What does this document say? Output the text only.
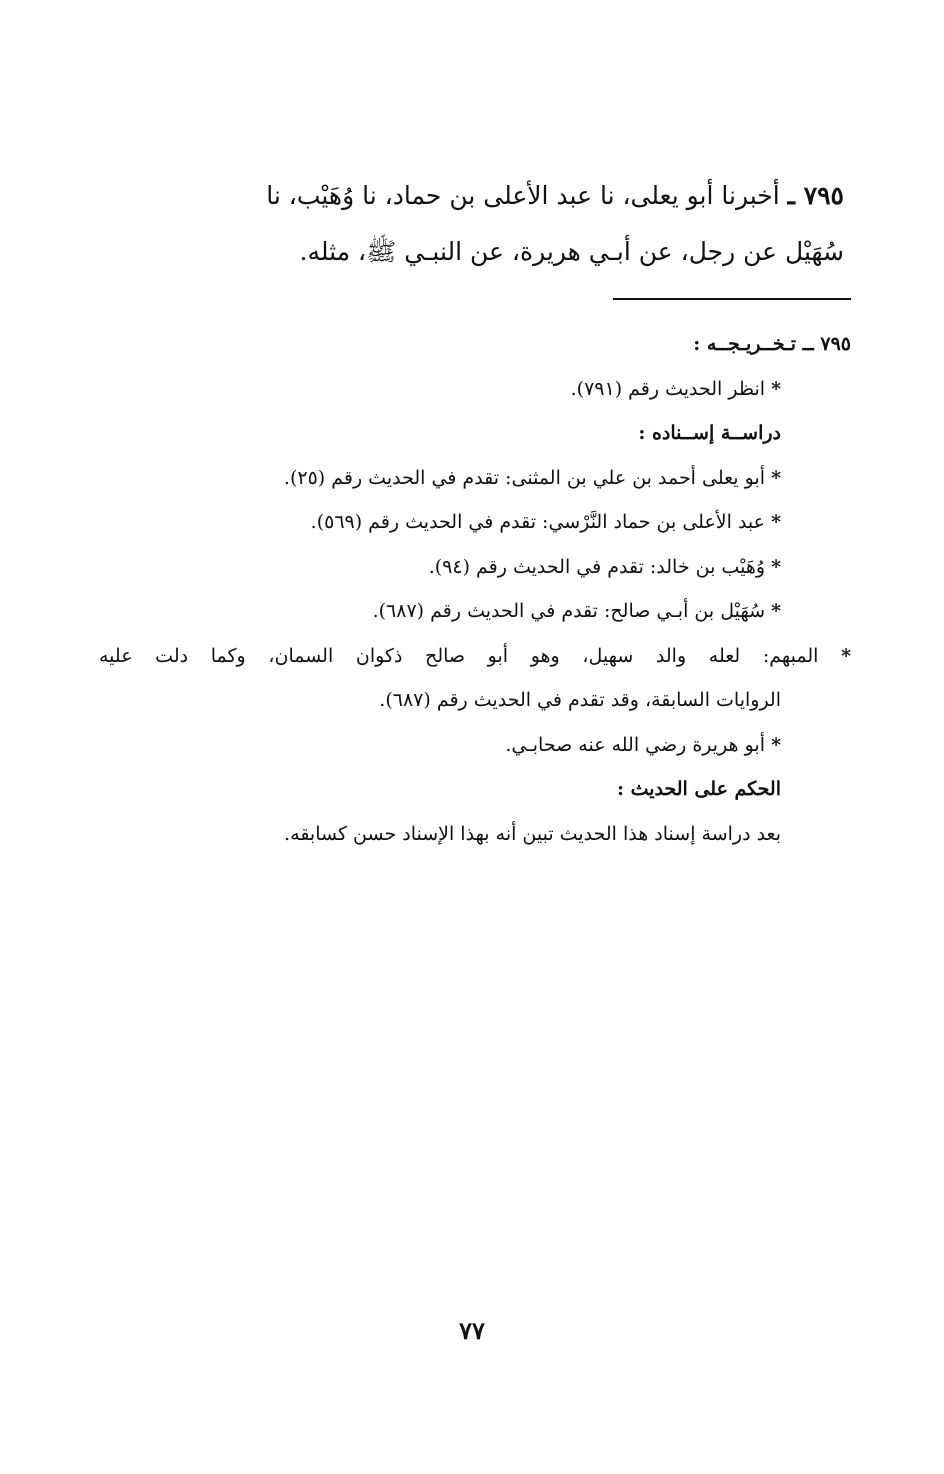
٧٩٥ ـ أخبرنا أبو يعلى، نا عبد الأعلى بن حماد، نا وُهَيْب، نا

سُهَيْل عن رجل، عن أبـي هريرة، عن النبـي ﷺ، مثله.

٧٩٥ ــ تـخــريـجــه :
* انظر الحديث رقم (٧٩١).
دراســة إســناده :
* أبو يعلى أحمد بن علي بن المثنى: تقدم في الحديث رقم (٢٥).
* عبد الأعلى بن حماد النَّرْسي: تقدم في الحديث رقم (٥٦٩).
* وُهَيْب بن خالد: تقدم في الحديث رقم (٩٤).
* سُهَيْل بن أبـي صالح: تقدم في الحديث رقم (٦٨٧).
* المبهم: لعله والد سهيل، وهو أبو صالح ذكوان السمان، وكما دلت عليه
الروايات السابقة، وقد تقدم في الحديث رقم (٦٨٧).
* أبو هريرة رضي الله عنه صحابـي.
الحكم على الحديث :
بعد دراسة إسناد هذا الحديث تبين أنه بهذا الإسناد حسن كسابقه.
٧٧
